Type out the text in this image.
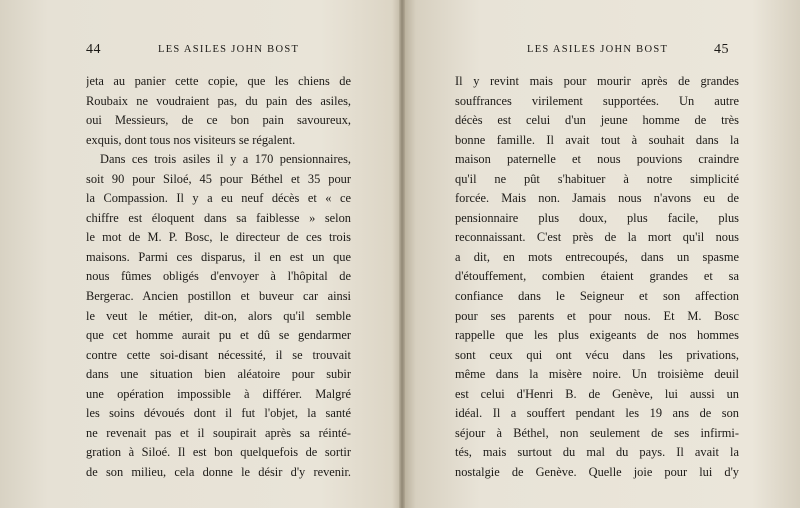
44	LES ASILES JOHN BOST
jeta au panier cette copie, que les chiens de
Roubaix ne voudraient pas, du pain des asiles,
oui Messieurs, de ce bon pain savoureux,
exquis, dont tous nos visiteurs se régalent.
Dans ces trois asiles il y a 170 pensionnaires,
soit 90 pour Siloé, 45 pour Béthel et 35 pour
la Compassion. Il y a eu neuf décès et « ce
chiffre est éloquent dans sa faiblesse » selon
le mot de M. P. Bosc, le directeur de ces trois
maisons. Parmi ces disparus, il en est un que
nous fûmes obligés d'envoyer à l'hôpital de
Bergerac. Ancien postillon et buveur car ainsi
le veut le métier, dit-on, alors qu'il semble
que cet homme aurait pu et dû se gendarmer
contre cette soi-disant nécessité, il se trouvait
dans une situation bien aléatoire pour subir
une opération impossible à différer. Malgré
les soins dévoués dont il fut l'objet, la santé
ne revenait pas et il soupirait après sa réinté-
gration à Siloé. Il est bon quelquefois de sortir
de son milieu, cela donne le désir d'y revenir.
LES ASILES JOHN BOST	45
Il y revint mais pour mourir après de grandes
souffrances virilement supportées. Un autre
décès est celui d'un jeune homme de très
bonne famille. Il avait tout à souhait dans la
maison paternelle et nous pouvions craindre
qu'il ne pût s'habituer à notre simplicité
forcée. Mais non. Jamais nous n'avons eu de
pensionnaire plus doux, plus facile, plus
reconnaissant. C'est près de la mort qu'il nous
a dit, en mots entrecoupés, dans un spasme
d'étouffement, combien étaient grandes et sa
confiance dans le Seigneur et son affection
pour ses parents et pour nous. Et M. Bosc
rappelle que les plus exigeants de nos hommes
sont ceux qui ont vécu dans les privations,
même dans la misère noire. Un troisième deuil
est celui d'Henri B. de Genève, lui aussi un
idéal. Il a souffert pendant les 19 ans de son
séjour à Béthel, non seulement de ses infirmi-
tés, mais surtout du mal du pays. Il avait la
nostalgie de Genève. Quelle joie pour lui d'y
